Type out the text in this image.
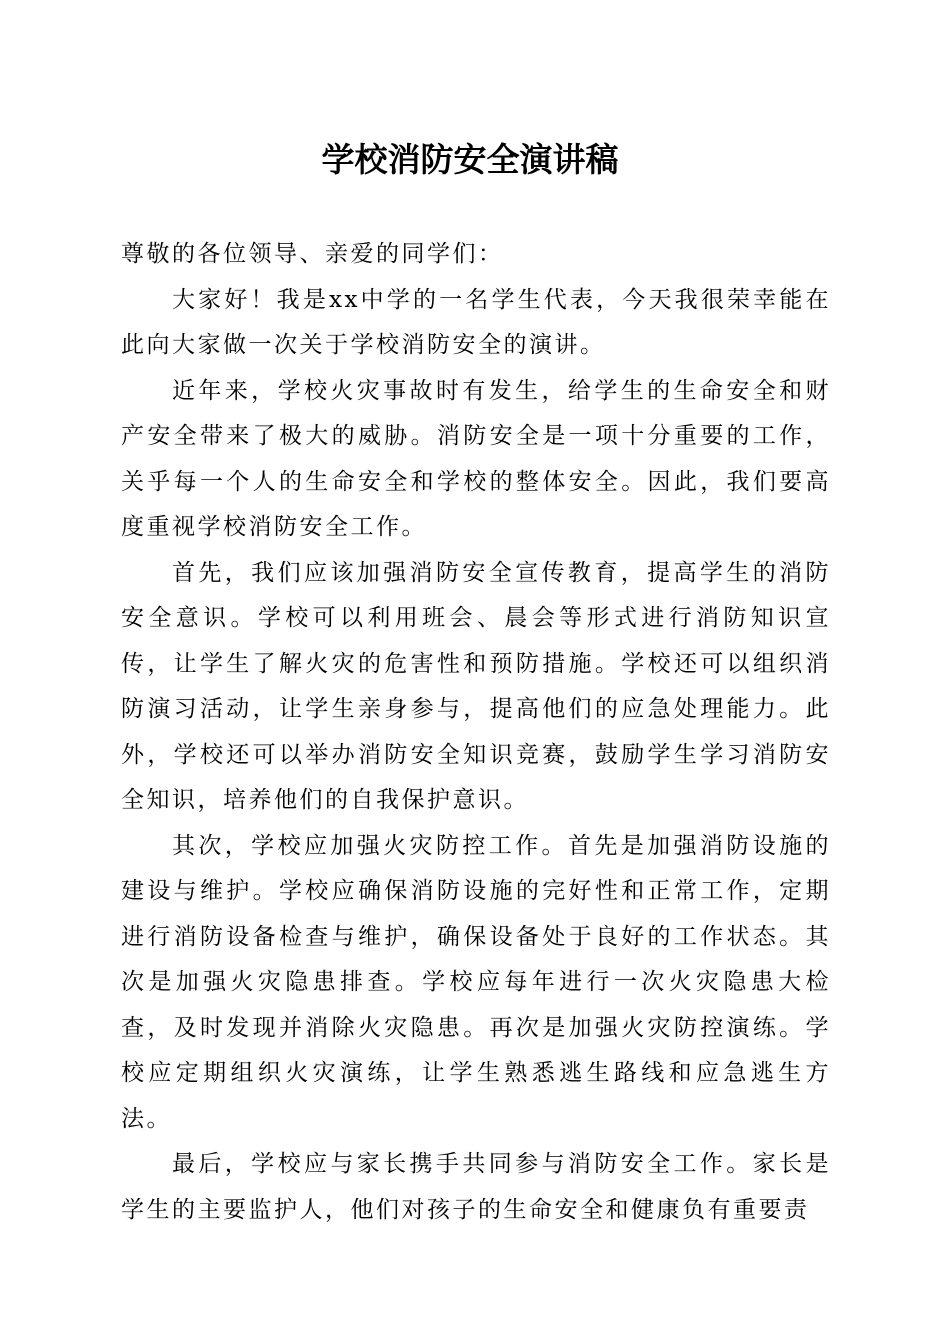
学校消防安全演讲稿

尊敬的各位领导、亲爱的同学们：

大家好！我是xx中学的一名学生代表，今天我很荣幸能在此向大家做一次关于学校消防安全的演讲。

近年来，学校火灾事故时有发生，给学生的生命安全和财产安全带来了极大的威胁。消防安全是一项十分重要的工作，关乎每一个人的生命安全和学校的整体安全。因此，我们要高度重视学校消防安全工作。

首先，我们应该加强消防安全宣传教育，提高学生的消防安全意识。学校可以利用班会、晨会等形式进行消防知识宣传，让学生了解火灾的危害性和预防措施。学校还可以组织消防演习活动，让学生亲身参与，提高他们的应急处理能力。此外，学校还可以举办消防安全知识竞赛，鼓励学生学习消防安全知识，培养他们的自我保护意识。

其次，学校应加强火灾防控工作。首先是加强消防设施的建设与维护。学校应确保消防设施的完好性和正常工作，定期进行消防设备检查与维护，确保设备处于良好的工作状态。其次是加强火灾隐患排查。学校应每年进行一次火灾隐患大检查，及时发现并消除火灾隐患。再次是加强火灾防控演练。学校应定期组织火灾演练，让学生熟悉逃生路线和应急逃生方法。

最后，学校应与家长携手共同参与消防安全工作。家长是学生的主要监护人，他们对孩子的生命安全和健康负有重要责
